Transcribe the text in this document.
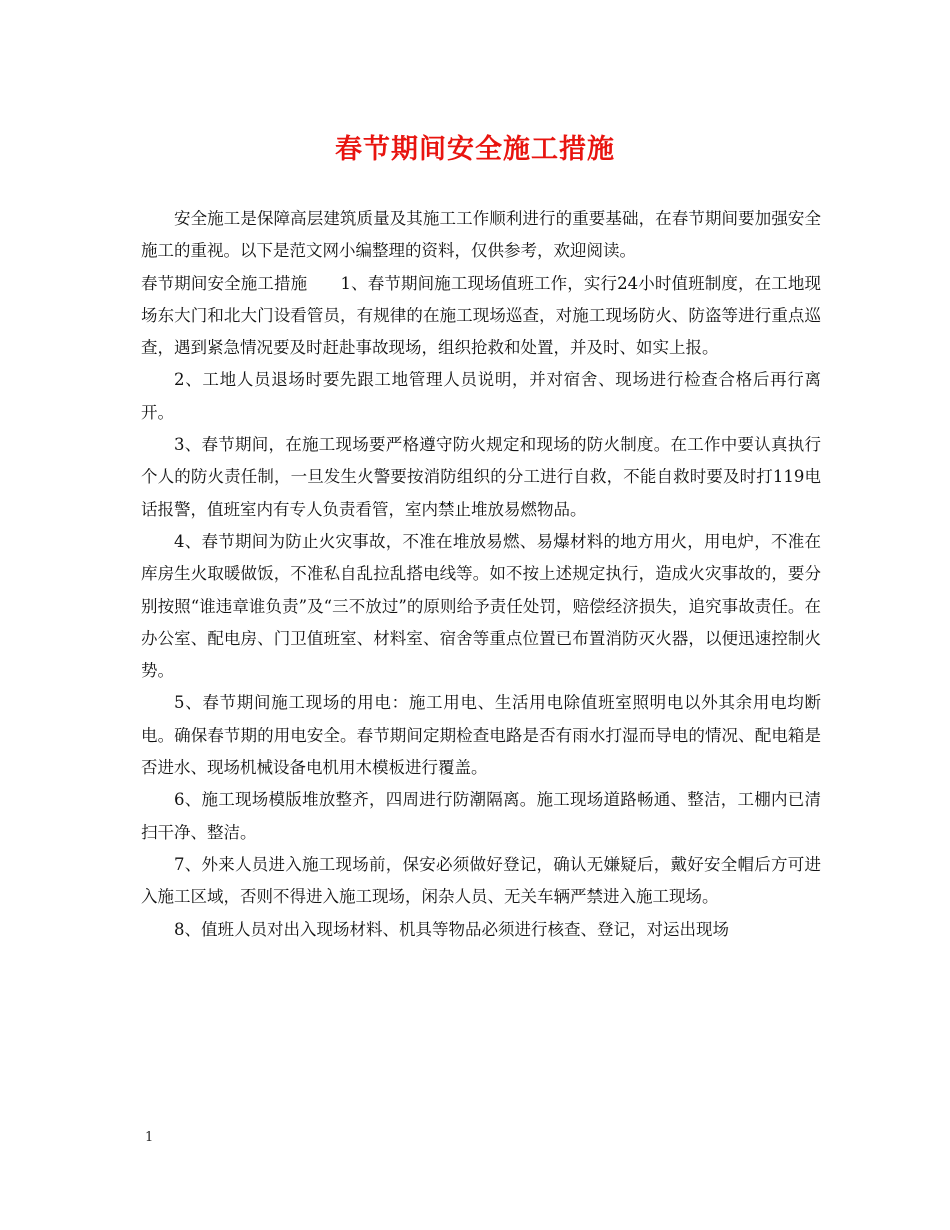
春节期间安全施工措施

安全施工是保障高层建筑质量及其施工工作顺利进行的重要基础，在春节期间要加强安全施工的重视。以下是范文网小编整理的资料，仅供参考，欢迎阅读。

春节期间安全施工措施　　1、春节期间施工现场值班工作，实行24小时值班制度，在工地现场东大门和北大门设看管员，有规律的在施工现场巡查，对施工现场防火、防盗等进行重点巡查，遇到紧急情况要及时赶赴事故现场，组织抢救和处置，并及时、如实上报。

2、工地人员退场时要先跟工地管理人员说明，并对宿舍、现场进行检查合格后再行离开。

3、春节期间，在施工现场要严格遵守防火规定和现场的防火制度。在工作中要认真执行个人的防火责任制，一旦发生火警要按消防组织的分工进行自救，不能自救时要及时打119电话报警，值班室内有专人负责看管，室内禁止堆放易燃物品。

4、春节期间为防止火灾事故，不准在堆放易燃、易爆材料的地方用火，用电炉，不准在库房生火取暖做饭，不准私自乱拉乱搭电线等。如不按上述规定执行，造成火灾事故的，要分别按照“谁违章谁负责”及“三不放过”的原则给予责任处罚，赔偿经济损失，追究事故责任。在办公室、配电房、门卫值班室、材料室、宿舍等重点位置已布置消防灭火器，以便迅速控制火势。

5、春节期间施工现场的用电：施工用电、生活用电除值班室照明电以外其余用电均断电。确保春节期的用电安全。春节期间定期检查电路是否有雨水打湿而导电的情况、配电箱是否进水、现场机械设备电机用木模板进行覆盖。

6、施工现场模版堆放整齐，四周进行防潮隔离。施工现场道路畅通、整洁，工棚内已清扫干净、整洁。

7、外来人员进入施工现场前，保安必须做好登记，确认无嫌疑后，戴好安全帽后方可进入施工区域，否则不得进入施工现场，闲杂人员、无关车辆严禁进入施工现场。

8、值班人员对出入现场材料、机具等物品必须进行核查、登记，对运出现场

1
